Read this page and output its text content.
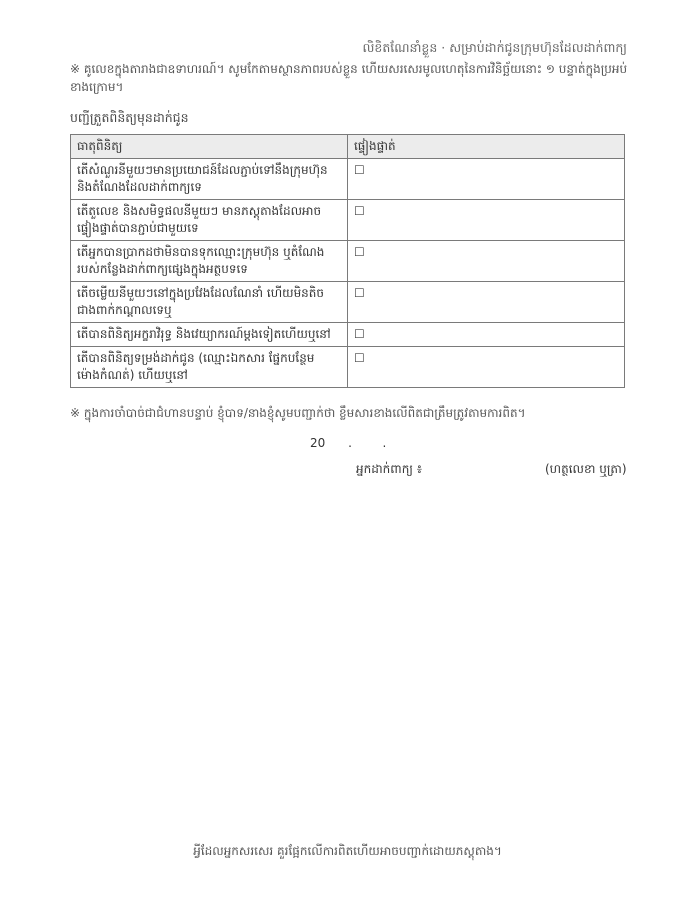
លិខិតណែនាំខ្លួន · សម្រាប់ដាក់ជូនក្រុមហ៊ុនដែលដាក់ពាក្យ
※ គូលេខក្នុងតារាងជាឧទាហរណ៍។ សូមកែតាមស្ថានភាពរបស់ខ្លួន ហើយសរសេរមូលហេតុនៃការវិនិច្ឆ័យនោះ ១ បន្ទាត់ក្នុងប្រអប់ខាងក្រោម។
បញ្ជីត្រួតពិនិត្យមុនដាក់ជូន
ធាតុពិនិត្យ	ផ្ទៀងផ្ទាត់
តើសំណួរនីមួយៗមានប្រយោជន៍ដែលភ្ជាប់ទៅនឹងក្រុមហ៊ុន និងតំណែងដែលដាក់ពាក្យទេ	☐
តើតួលេខ និងសមិទ្ធផលនីមួយៗ មានភស្តុតាងដែលអាចផ្ទៀងផ្ទាត់បានភ្ជាប់ជាមួយទេ	☐
តើអ្នកបានប្រាកដថាមិនបានទុកឈ្មោះក្រុមហ៊ុន ឬតំណែងរបស់កន្លែងដាក់ពាក្យផ្សេងក្នុងអត្ថបទទេ	☐
តើចម្លើយនីមួយៗនៅក្នុងប្រវែងដែលណែនាំ ហើយមិនតិចជាងពាក់កណ្ដាលទេឬ	☐
តើបានពិនិត្យអក្ខរាវិរុទ្ធ និងវេយ្យាករណ៍ម្ដងទៀតហើយឬនៅ	☐
តើបានពិនិត្យទម្រង់ដាក់ជូន (ឈ្មោះឯកសារ ផ្នែកបន្ថែម ម៉ោងកំណត់) ហើយឬនៅ	☐
※ ក្នុងការចាំបាច់ជាជំហានបន្ទាប់ ខ្ញុំបាទ/នាងខ្ញុំសូមបញ្ជាក់ថា ខ្លឹមសារខាងលើពិតជាត្រឹមត្រូវតាមការពិត។
20      .        .
អ្នកដាក់ពាក្យ ៖	(ហត្ថលេខា ឬត្រា)
អ្វីដែលអ្នកសរសេរ គួរផ្អែកលើការពិតហើយអាចបញ្ជាក់ដោយភស្តុតាង។
